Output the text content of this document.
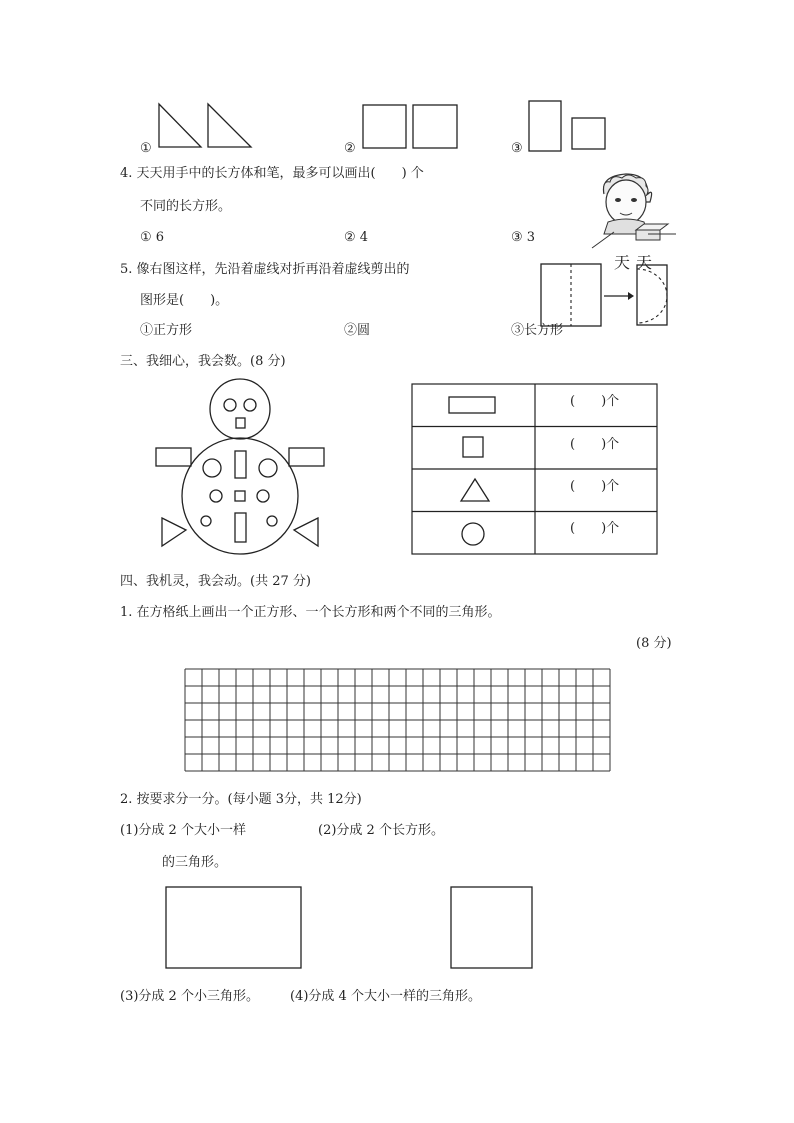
①	②	③
4. 天天用手中的长方体和笔，最多可以画出(　　) 个
不同的长方形。
① 6	② 4	③ 3
天天
5. 像右图这样，先沿着虚线对折再沿着虚线剪出的
图形是(　　)。
①正方形	②圆	③长方形
三、我细心，我会数。(8 分)
(　　)个
(　　)个
(　　)个
(　　)个
四、我机灵，我会动。(共 27 分)
1. 在方格纸上画出一个正方形、一个长方形和两个不同的三角形。
(8 分)
2. 按要求分一分。(每小题 3分，共 12分)
(1)分成 2 个大小一样	(2)分成 2 个长方形。
的三角形。
(3)分成 2 个小三角形。 (4)分成 4 个大小一样的三角形。
